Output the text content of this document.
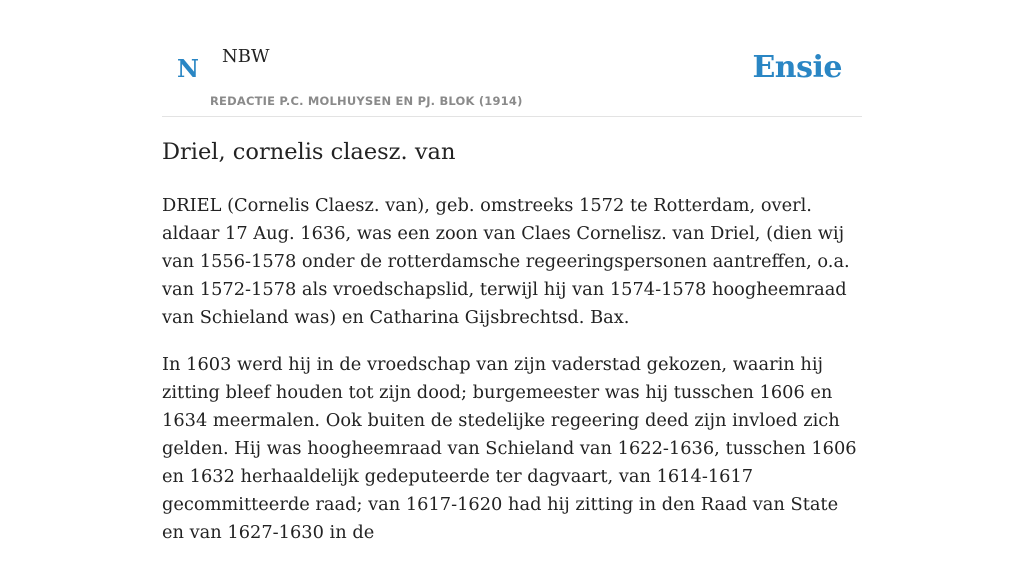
N NBW
REDACTIE P.C. MOLHUYSEN EN PJ. BLOK (1914)
Ensie
Driel, cornelis claesz. van

DRIEL (Cornelis Claesz. van), geb. omstreeks 1572 te Rotterdam, overl. aldaar 17 Aug. 1636, was een zoon van Claes Cornelisz. van Driel, (dien wij van 1556-1578 onder de rotterdamsche regeeringspersonen aantreffen, o.a. van 1572-1578 als vroedschapslid, terwijl hij van 1574-1578 hoogheemraad van Schieland was) en Catharina Gijsbrechtsd. Bax.

In 1603 werd hij in de vroedschap van zijn vaderstad gekozen, waarin hij zitting bleef houden tot zijn dood; burgemeester was hij tusschen 1606 en 1634 meermalen. Ook buiten de stedelijke regeering deed zijn invloed zich gelden. Hij was hoogheemraad van Schieland van 1622-1636, tusschen 1606 en 1632 herhaaldelijk gedeputeerde ter dagvaart, van 1614-1617 gecommitteerde raad; van 1617-1620 had hij zitting in den Raad van State en van 1627-1630 in de
